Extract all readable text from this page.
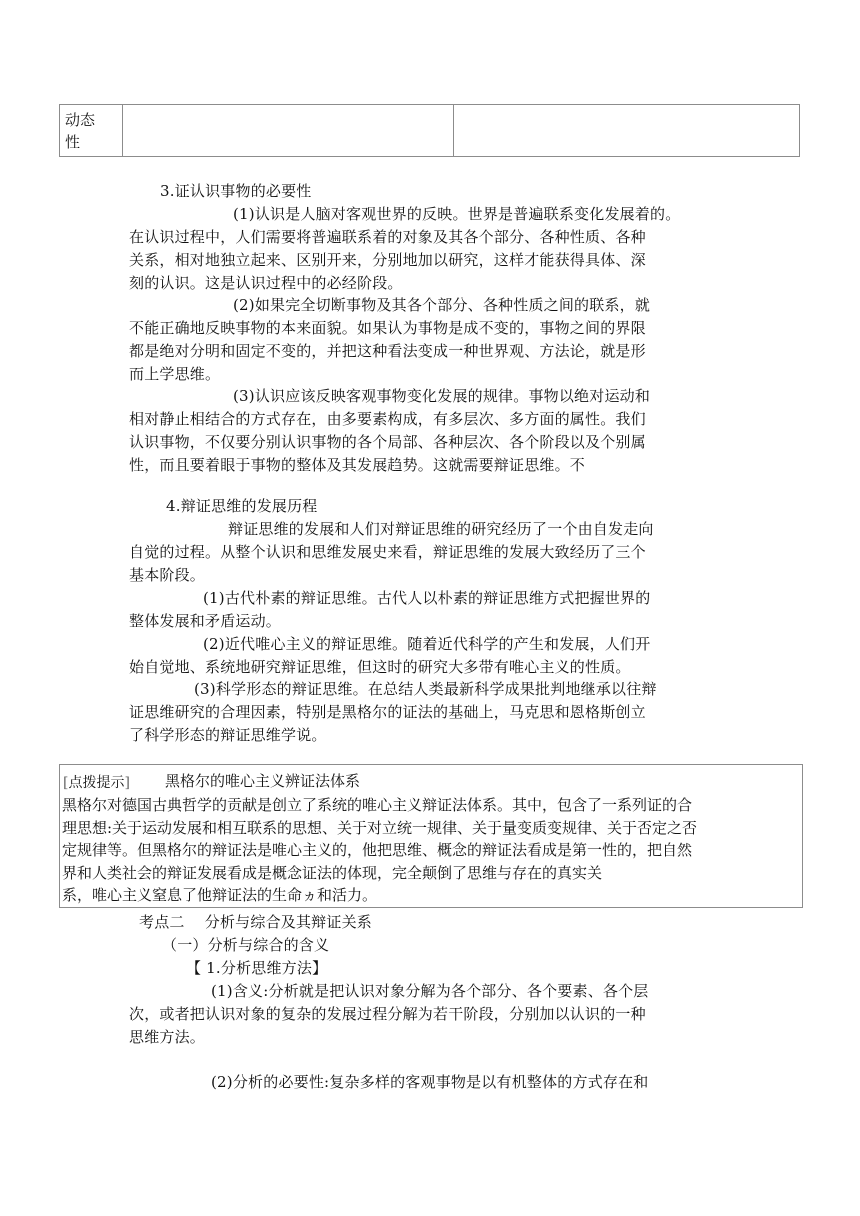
动态
性

3.证认识事物的必要性
(1)认识是人脑对客观世界的反映。世界是普遍联系变化发展着的。
在认识过程中，人们需要将普遍联系着的对象及其各个部分、各种性质、各种
关系，相对地独立起来、区别开来，分别地加以研究，这样才能获得具体、深
刻的认识。这是认识过程中的必经阶段。
(2)如果完全切断事物及其各个部分、各种性质之间的联系，就
不能正确地反映事物的本来面貌。如果认为事物是成不变的，事物之间的界限
都是绝对分明和固定不变的，并把这种看法变成一种世界观、方法论，就是形
而上学思维。
(3)认识应该反映客观事物变化发展的规律。事物以绝对运动和
相对静止相结合的方式存在，由多要素构成，有多层次、多方面的属性。我们
认识事物，不仅要分别认识事物的各个局部、各种层次、各个阶段以及个别属
性，而且要着眼于事物的整体及其发展趋势。这就需要辩证思维。不
4.辩证思维的发展历程
辩证思维的发展和人们对辩证思维的研究经历了一个由自发走向
自觉的过程。从整个认识和思维发展史来看，辩证思维的发展大致经历了三个
基本阶段。
(1)古代朴素的辩证思维。古代人以朴素的辩证思维方式把握世界的
整体发展和矛盾运动。
(2)近代唯心主义的辩证思维。随着近代科学的产生和发展，人们开
始自觉地、系统地研究辩证思维，但这时的研究大多带有唯心主义的性质。
(3)科学形态的辩证思维。在总结人类最新科学成果批判地继承以往辩
证思维研究的合理因素，特别是黑格尔的证法的基础上，马克思和恩格斯创立
了科学形态的辩证思维学说。
[点拨提示] 黑格尔的唯心主义辨证法体系
黑格尔对德国古典哲学的贡献是创立了系统的唯心主义辩证法体系。其中，包含了一系列证的合
理思想:关于运动发展和相互联系的思想、关于对立统一规律、关于量变质变规律、关于否定之否
定规律等。但黑格尔的辩证法是唯心主义的，他把思维、概念的辩证法看成是第一性的，把自然
界和人类社会的辩证发展看成是概念证法的体现，完全颠倒了思维与存在的真实关
系，唯心主义窒息了他辩证法的生命ヵ和活力。
考点二　 分析与综合及其辩证关系
（一）分析与综合的含义
【 1.分析思维方法】
(1)含义:分析就是把认识对象分解为各个部分、各个要素、各个层
次，或者把认识对象的复杂的发展过程分解为若干阶段，分别加以认识的一种
思维方法。
(2)分析的必要性:复杂多样的客观事物是以有机整体的方式存在和
